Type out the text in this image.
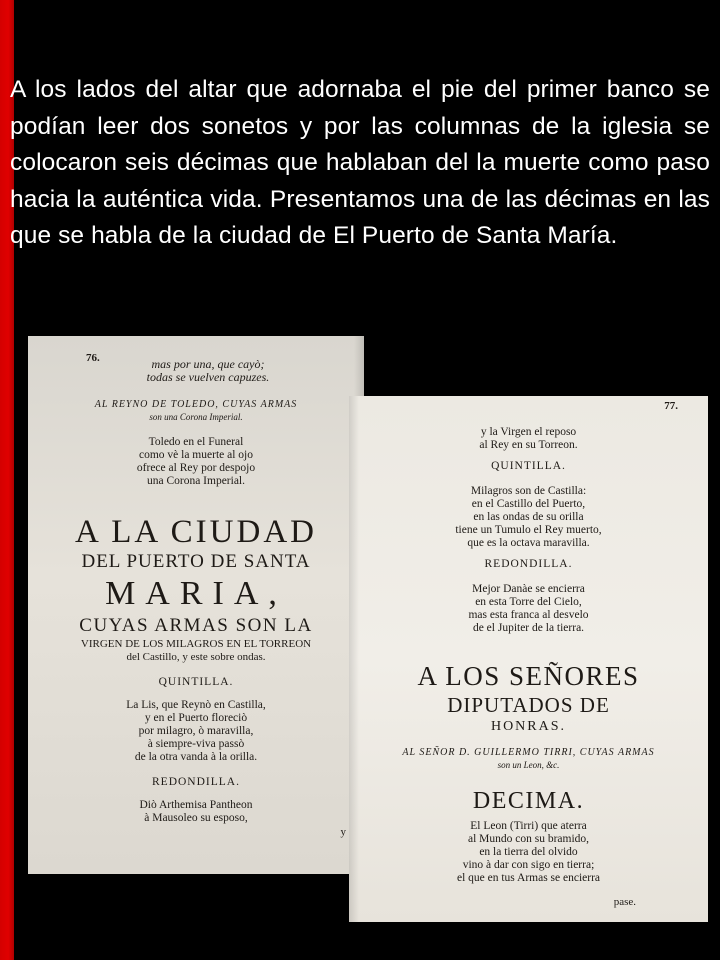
A los lados del altar que adornaba el pie del primer banco se podían leer dos sonetos y por las columnas de la iglesia se colocaron seis décimas que hablaban del la muerte como paso hacia la auténtica vida. Presentamos una de las décimas en las que se habla de la ciudad de El Puerto de Santa María.

76.	mas por una, que cayò;
todas se vuelven capuzes.
AL REYNO DE TOLEDO, CUYAS ARMAS
son una Corona Imperial.
Toledo en el Funeral
como vè la muerte al ojo
ofrece al Rey por despojo
una Corona Imperial.
A LA CIUDAD
DEL PUERTO DE SANTA
MARIA,
CUYAS ARMAS SON LA
VIRGEN DE LOS MILAGROS EN EL TORREON
del Castillo, y este sobre ondas.
QUINTILLA.
La Lis, que Reynò en Castilla,
y en el Puerto floreciò
por milagro, ò maravilla,
à siempre-viva passò
de la otra vanda à la orilla.
REDONDILLA.
Diò Arthemisa Pantheon
à Mausoleo su esposo,
y
77.
y la Virgen el reposo
al Rey en su Torreon.
QUINTILLA.
Milagros son de Castilla:
en el Castillo del Puerto,
en las ondas de su orilla
tiene un Tumulo el Rey muerto,
que es la octava maravilla.
REDONDILLA.
Mejor Danàe se encierra
en esta Torre del Cielo,
mas esta franca al desvelo
de el Jupiter de la tierra.
A LOS SEÑORES
DIPUTADOS DE
HONRAS.
AL SEÑOR D. GUILLERMO TIRRI, CUYAS ARMAS
son un Leon, &c.
DECIMA.
El Leon (Tirri) que aterra
al Mundo con su bramido,
en la tierra del olvido
vino à dar con sigo en tierra;
el que en tus Armas se encierra
pase.
